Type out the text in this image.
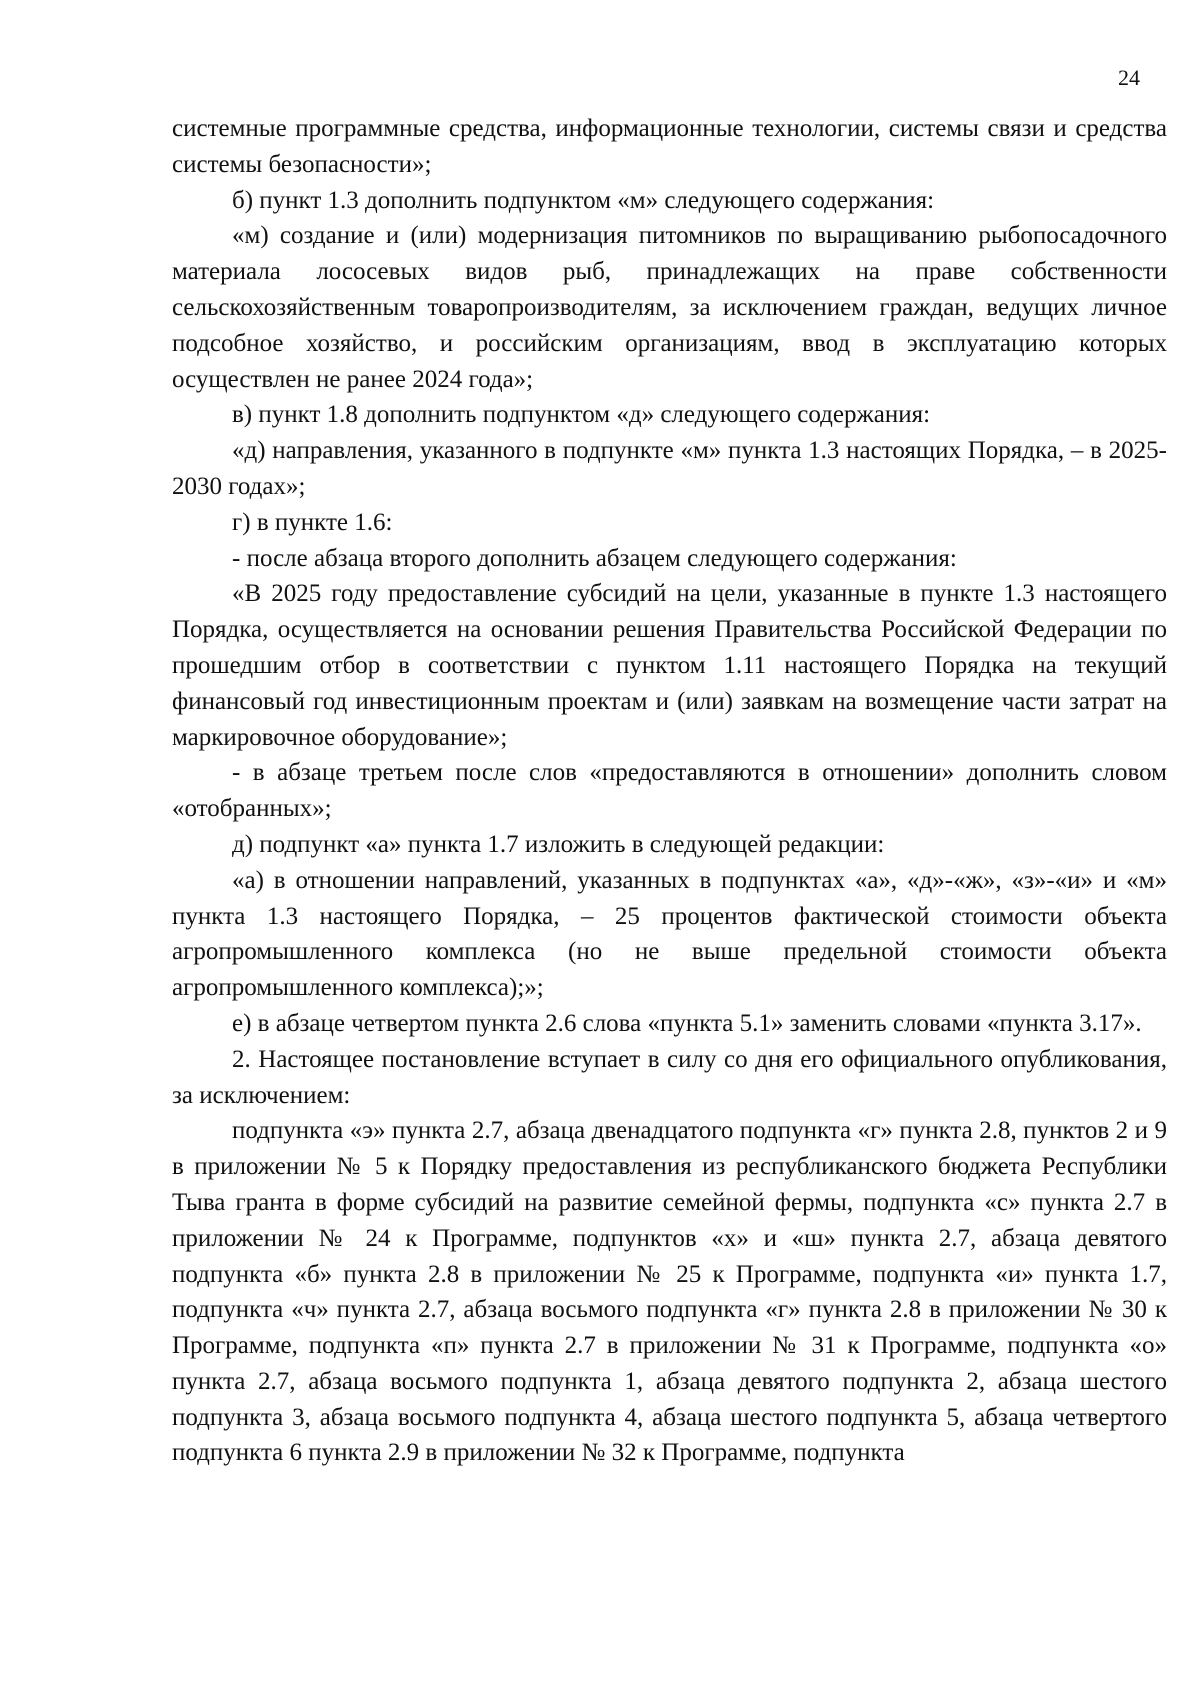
24

системные программные средства, информационные технологии, системы связи и средства системы безопасности»;

б) пункт 1.3 дополнить подпунктом «м» следующего содержания:

«м) создание и (или) модернизация питомников по выращиванию рыбопосадочного материала лососевых видов рыб, принадлежащих на праве собственности сельскохозяйственным товаропроизводителям, за исключением граждан, ведущих личное подсобное хозяйство, и российским организациям, ввод в эксплуатацию которых осуществлен не ранее 2024 года»;

в) пункт 1.8 дополнить подпунктом «д» следующего содержания:

«д) направления, указанного в подпункте «м» пункта 1.3 настоящих Порядка, – в 2025-2030 годах»;

г) в пункте 1.6:

- после абзаца второго дополнить абзацем следующего содержания:

«В 2025 году предоставление субсидий на цели, указанные в пункте 1.3 настоящего Порядка, осуществляется на основании решения Правительства Российской Федерации по прошедшим отбор в соответствии с пунктом 1.11 настоящего Порядка на текущий финансовый год инвестиционным проектам и (или) заявкам на возмещение части затрат на маркировочное оборудование»;

- в абзаце третьем после слов «предоставляются в отношении» дополнить словом «отобранных»;

д) подпункт «а» пункта 1.7 изложить в следующей редакции:

«а) в отношении направлений, указанных в подпунктах «а», «д»-«ж», «з»-«и» и «м» пункта 1.3 настоящего Порядка, – 25 процентов фактической стоимости объекта агропромышленного комплекса (но не выше предельной стоимости объекта агропромышленного комплекса);»;

е) в абзаце четвертом пункта 2.6 слова «пункта 5.1» заменить словами «пункта 3.17».

2. Настоящее постановление вступает в силу со дня его официального опубликования, за исключением:

подпункта «э» пункта 2.7, абзаца двенадцатого подпункта «г» пункта 2.8, пунктов 2 и 9 в приложении № 5 к Порядку предоставления из республиканского бюджета Республики Тыва гранта в форме субсидий на развитие семейной фермы, подпункта «с» пункта 2.7 в приложении № 24 к Программе, подпунктов «х» и «ш» пункта 2.7, абзаца девятого подпункта «б» пункта 2.8 в приложении № 25 к Программе, подпункта «и» пункта 1.7, подпункта «ч» пункта 2.7, абзаца восьмого подпункта «г» пункта 2.8 в приложении № 30 к Программе, подпункта «п» пункта 2.7 в приложении № 31 к Программе, подпункта «о» пункта 2.7, абзаца восьмого подпункта 1, абзаца девятого подпункта 2, абзаца шестого подпункта 3, абзаца восьмого подпункта 4, абзаца шестого подпункта 5, абзаца четвертого подпункта 6 пункта 2.9 в приложении № 32 к Программе, подпункта
